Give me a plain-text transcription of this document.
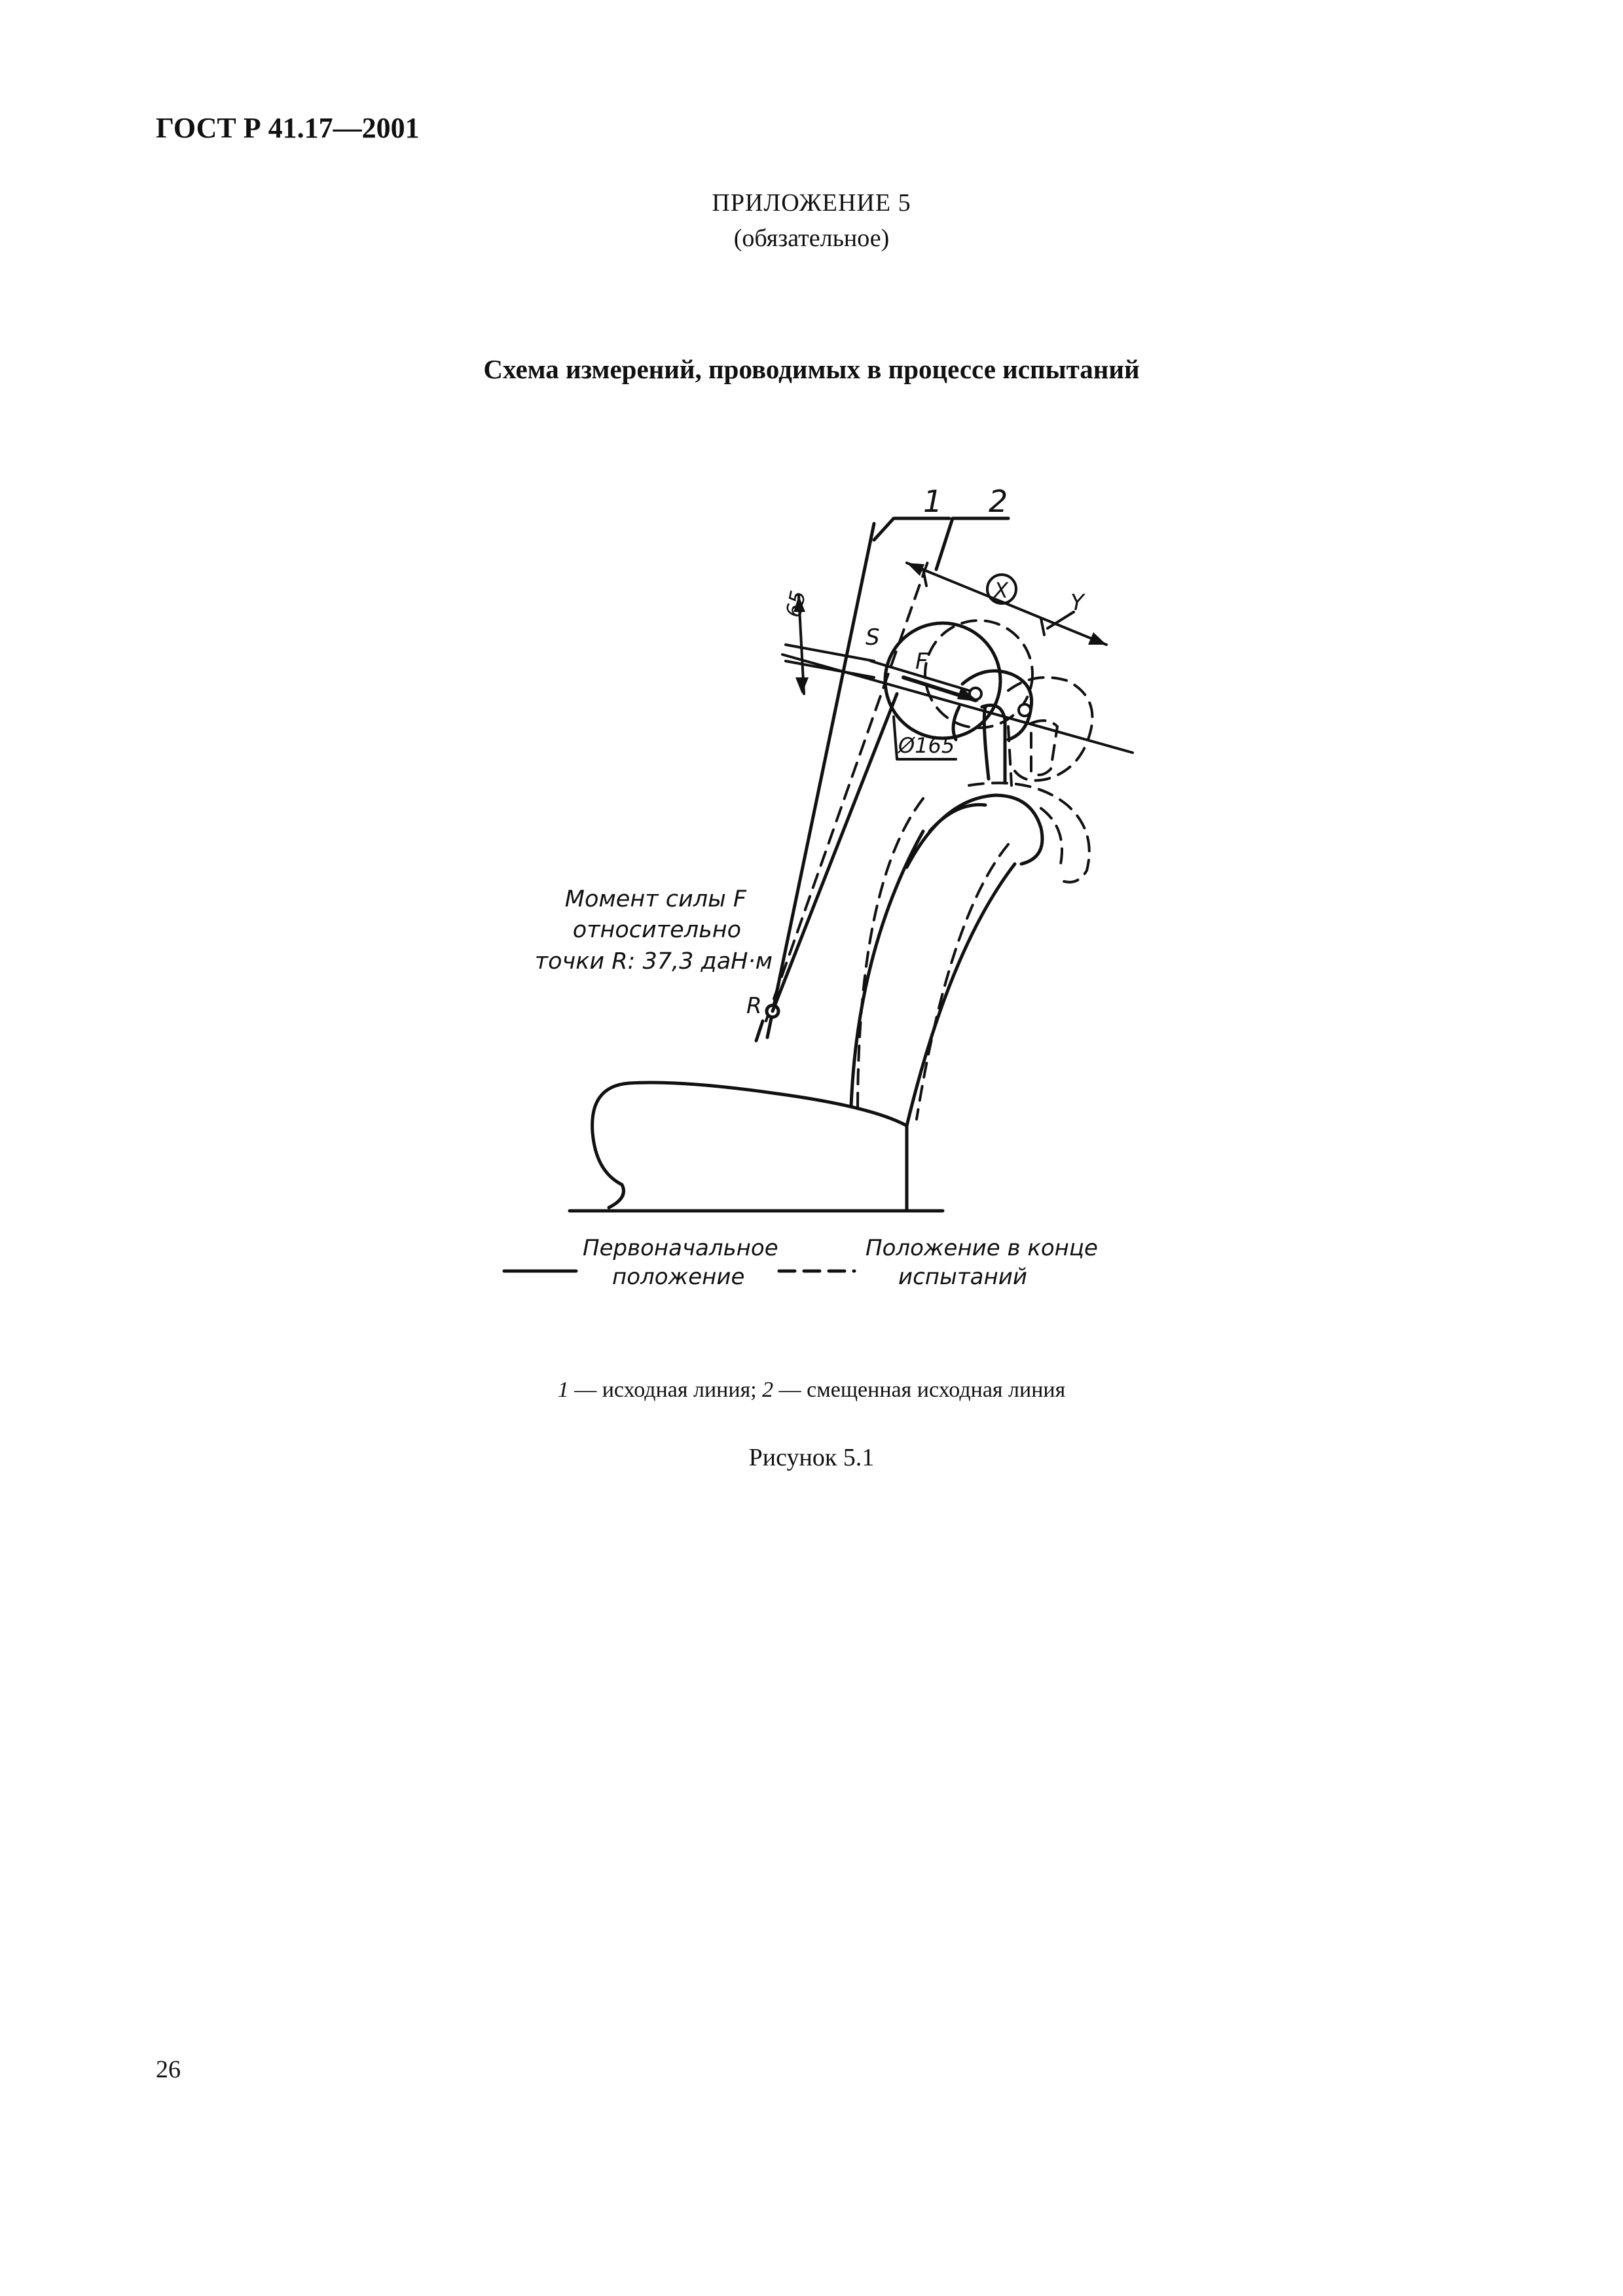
ГОСТ Р 41.17—2001
ПРИЛОЖЕНИЕ 5
(обязательное)
Схема измерений, проводимых в процессе испытаний
1 2
65
S
F
X	Y
Ø165
R
Момент силы F
относительно
точки R: 37,3 даН·м
Первоначальное
положение
Положение в конце
испытаний
1 — исходная линия; 2 — смещенная исходная линия
Рисунок 5.1
26
